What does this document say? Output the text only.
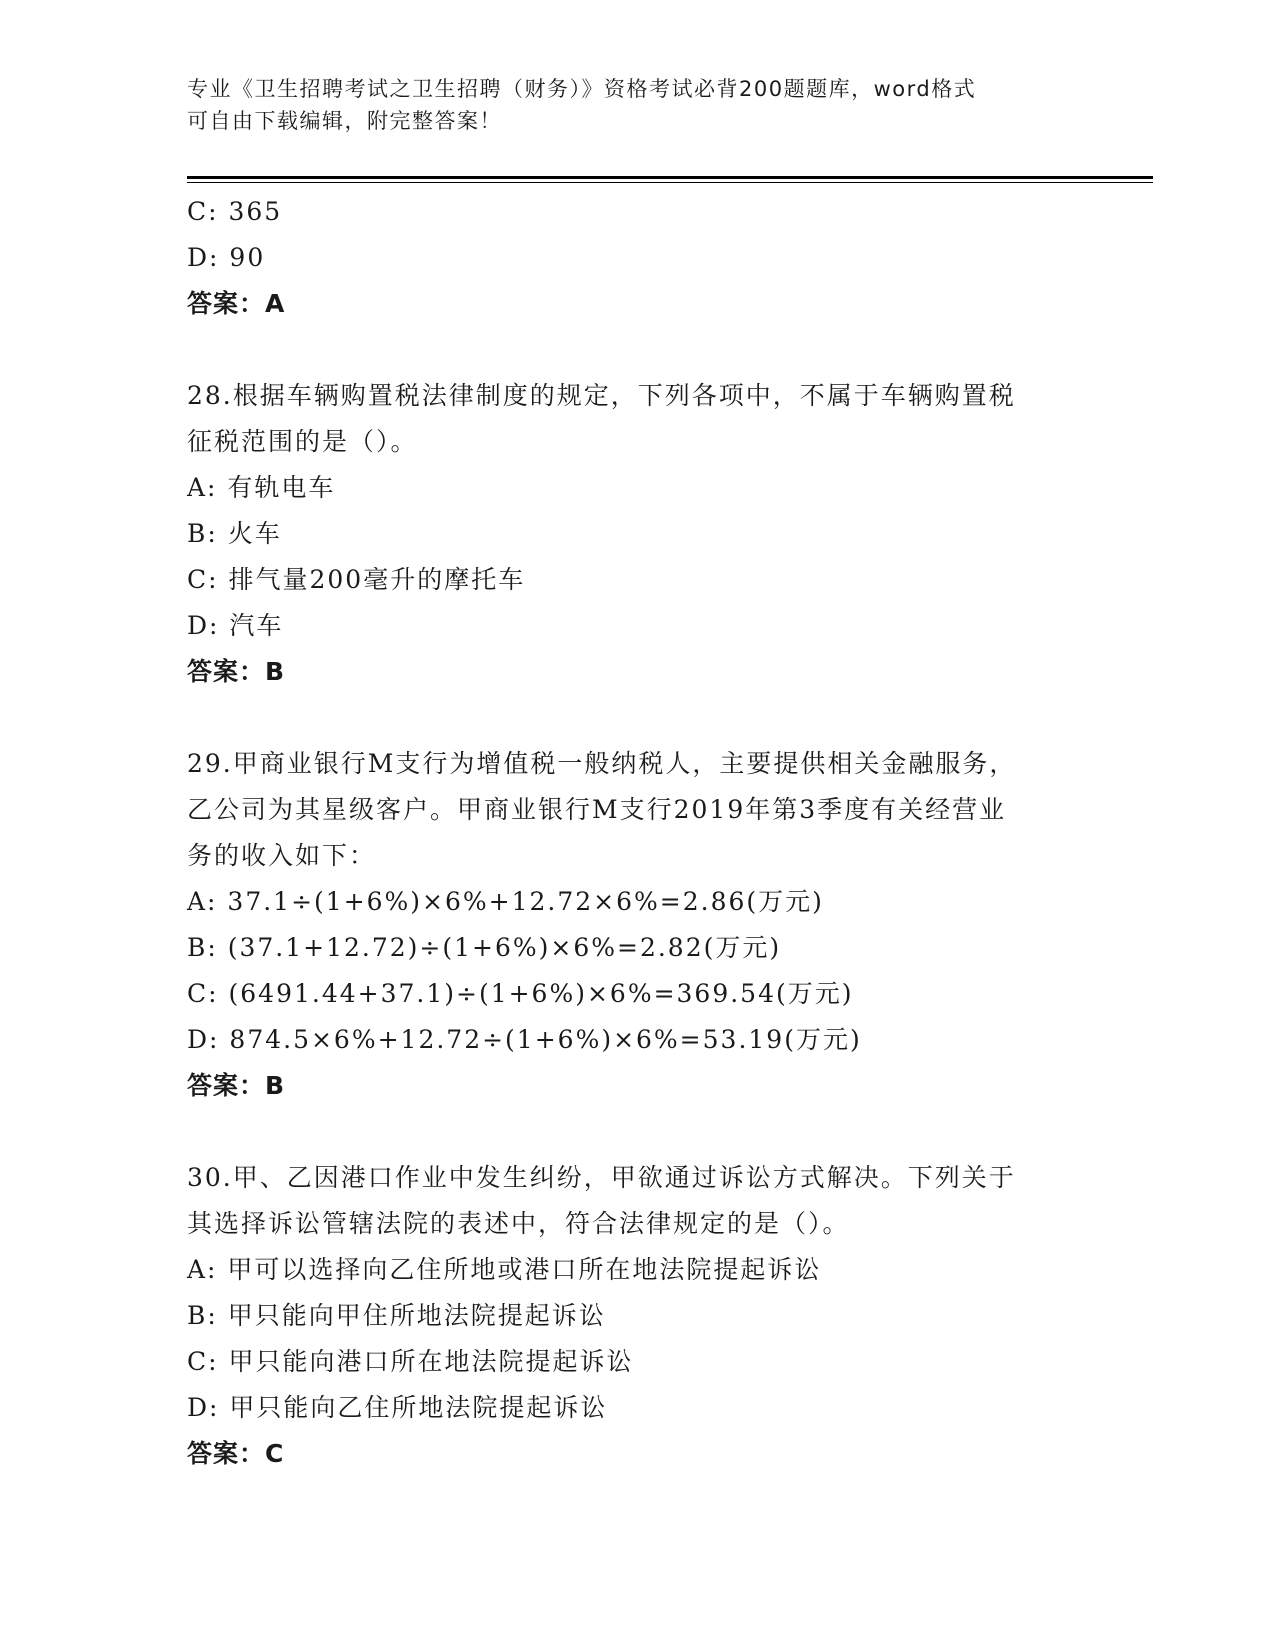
专业《卫生招聘考试之卫生招聘（财务）》资格考试必背200题题库，word格式
可自由下载编辑，附完整答案！
C: 365
D: 90
答案：A
28.根据车辆购置税法律制度的规定，下列各项中，不属于车辆购置税
征税范围的是（）。
A: 有轨电车
B: 火车
C: 排气量200毫升的摩托车
D: 汽车
答案：B
29.甲商业银行M支行为增值税一般纳税人，主要提供相关金融服务，
乙公司为其星级客户。甲商业银行M支行2019年第3季度有关经营业
务的收入如下：
A: 37.1÷(1+6%)×6%+12.72×6%=2.86(万元)
B: (37.1+12.72)÷(1+6%)×6%=2.82(万元)
C: (6491.44+37.1)÷(1+6%)×6%=369.54(万元)
D: 874.5×6%+12.72÷(1+6%)×6%=53.19(万元)
答案：B
30.甲、乙因港口作业中发生纠纷，甲欲通过诉讼方式解决。下列关于
其选择诉讼管辖法院的表述中，符合法律规定的是（）。
A: 甲可以选择向乙住所地或港口所在地法院提起诉讼
B: 甲只能向甲住所地法院提起诉讼
C: 甲只能向港口所在地法院提起诉讼
D: 甲只能向乙住所地法院提起诉讼
答案：C
